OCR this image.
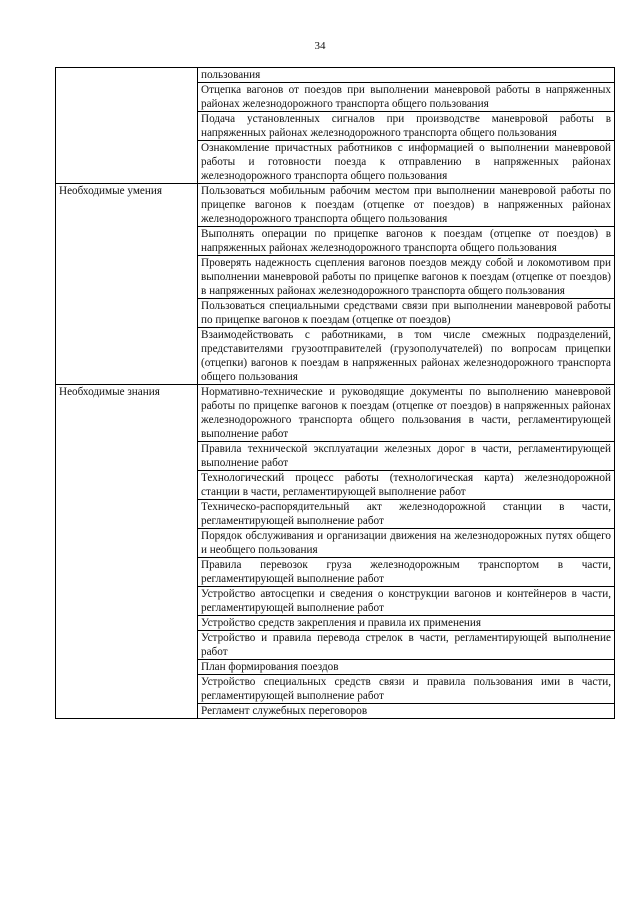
34
	пользования
	Отцепка вагонов от поездов при выполнении маневровой работы в напряженных районах железнодорожного транспорта общего пользования
	Подача установленных сигналов при производстве маневровой работы в напряженных районах железнодорожного транспорта общего пользования
	Ознакомление причастных работников с информацией о выполнении маневровой работы и готовности поезда к отправлению в напряженных районах железнодорожного транспорта общего пользования
Необходимые умения	Пользоваться мобильным рабочим местом при выполнении маневровой работы по прицепке вагонов к поездам (отцепке от поездов) в напряженных районах железнодорожного транспорта общего пользования
	Выполнять операции по прицепке вагонов к поездам (отцепке от поездов) в напряженных районах железнодорожного транспорта общего пользования
	Проверять надежность сцепления вагонов поездов между собой и локомотивом при выполнении маневровой работы по прицепке вагонов к поездам (отцепке от поездов) в напряженных районах железнодорожного транспорта общего пользования
	Пользоваться специальными средствами связи при выполнении маневровой работы по прицепке вагонов к поездам (отцепке от поездов)
	Взаимодействовать с работниками, в том числе смежных подразделений, представителями грузоотправителей (грузополучателей) по вопросам прицепки (отцепки) вагонов к поездам в напряженных районах железнодорожного транспорта общего пользования
Необходимые знания	Нормативно-технические и руководящие документы по выполнению маневровой работы по прицепке вагонов к поездам (отцепке от поездов) в напряженных районах железнодорожного транспорта общего пользования в части, регламентирующей выполнение работ
	Правила технической эксплуатации железных дорог в части, регламентирующей выполнение работ
	Технологический процесс работы (технологическая карта) железнодорожной станции в части, регламентирующей выполнение работ
	Техническо-распорядительный акт железнодорожной станции в части, регламентирующей выполнение работ
	Порядок обслуживания и организации движения на железнодорожных путях общего и необщего пользования
	Правила перевозок груза железнодорожным транспортом в части, регламентирующей выполнение работ
	Устройство автосцепки и сведения о конструкции вагонов и контейнеров в части, регламентирующей выполнение работ
	Устройство средств закрепления и правила их применения
	Устройство и правила перевода стрелок в части, регламентирующей выполнение работ
	План формирования поездов
	Устройство специальных средств связи и правила пользования ими в части, регламентирующей выполнение работ
	Регламент служебных переговоров
